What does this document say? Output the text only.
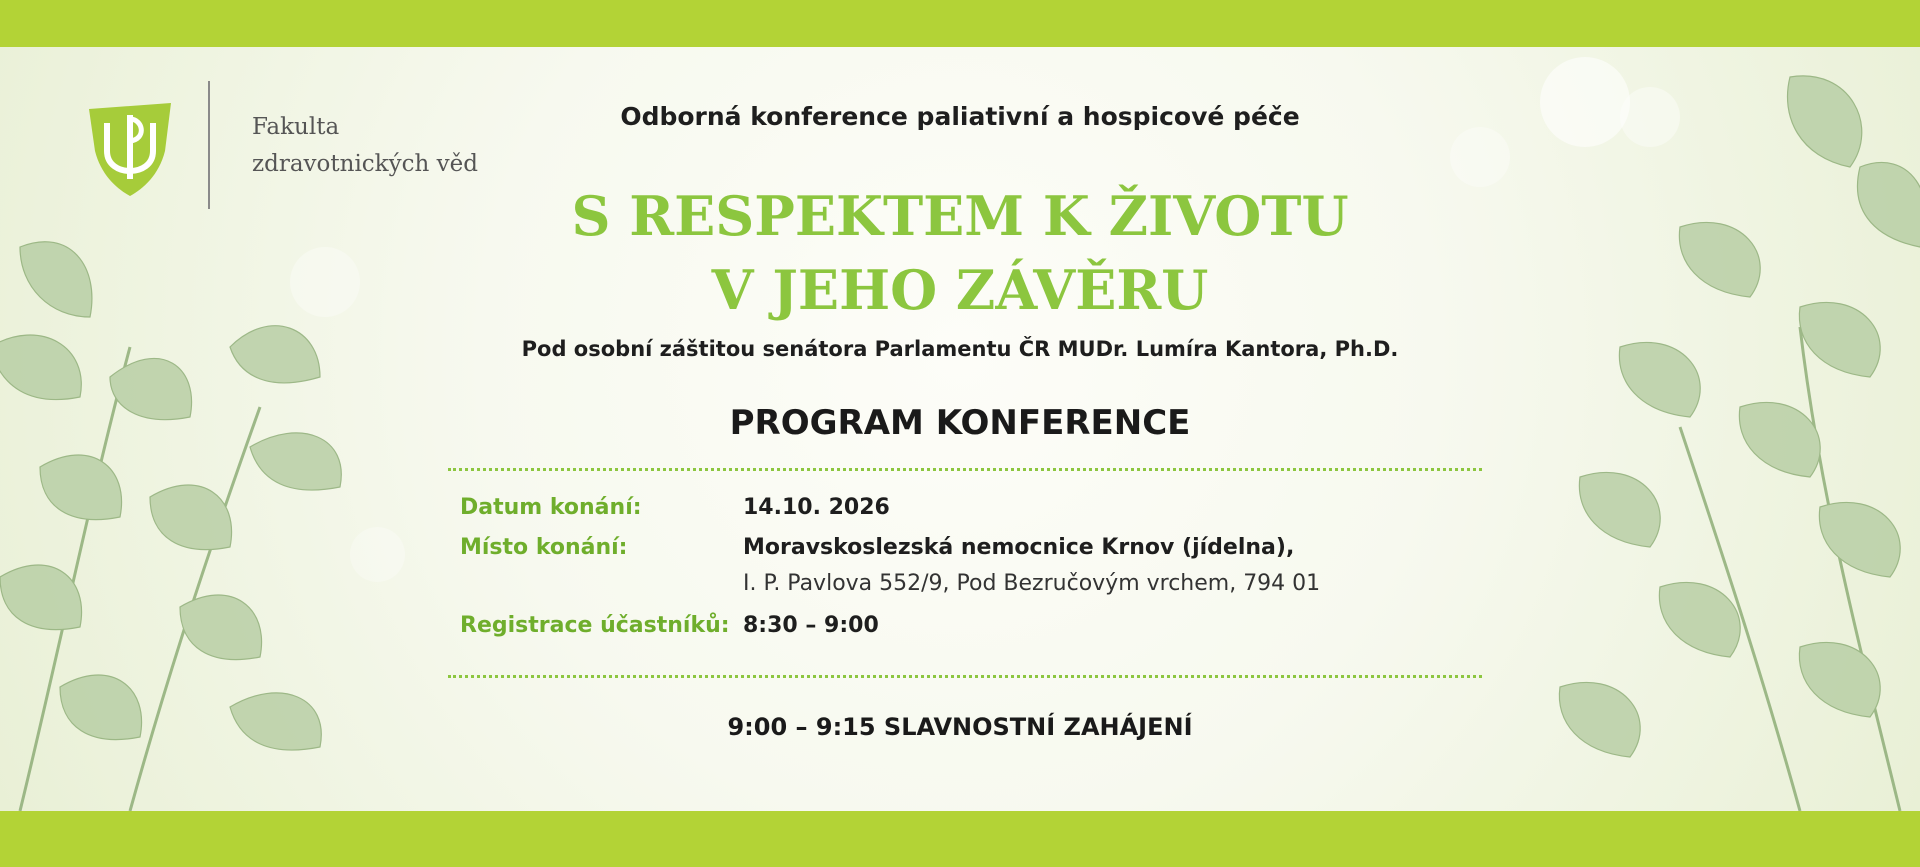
Fakulta
zdravotnických věd
Odborná konference paliativní a hospicové péče
S RESPEKTEM K ŽIVOTU
V JEHO ZÁVĚRU
Pod osobní záštitou senátora Parlamentu ČR MUDr. Lumíra Kantora, Ph.D.
PROGRAM KONFERENCE
Datum konání:	14.10. 2026
Místo konání:	Moravskoslezská nemocnice Krnov (jídelna),
I. P. Pavlova 552/9, Pod Bezručovým vrchem, 794 01
Registrace účastníků: 8:30 – 9:00
9:00 – 9:15 SLAVNOSTNÍ ZAHÁJENÍ
